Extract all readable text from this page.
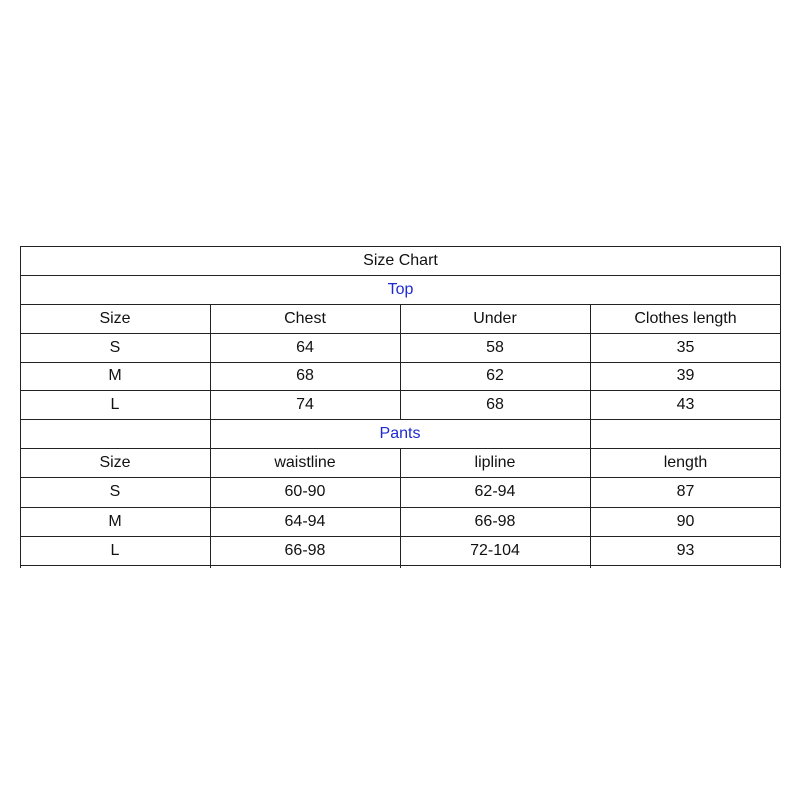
Size Chart
Top
Size	Chest	Under	Clothes length
S	64	58	35
M	68	62	39
L	74	68	43
Pants
Size	waistline	lipline	length
S	60-90	62-94	87
M	64-94	66-98	90
L	66-98	72-104	93
